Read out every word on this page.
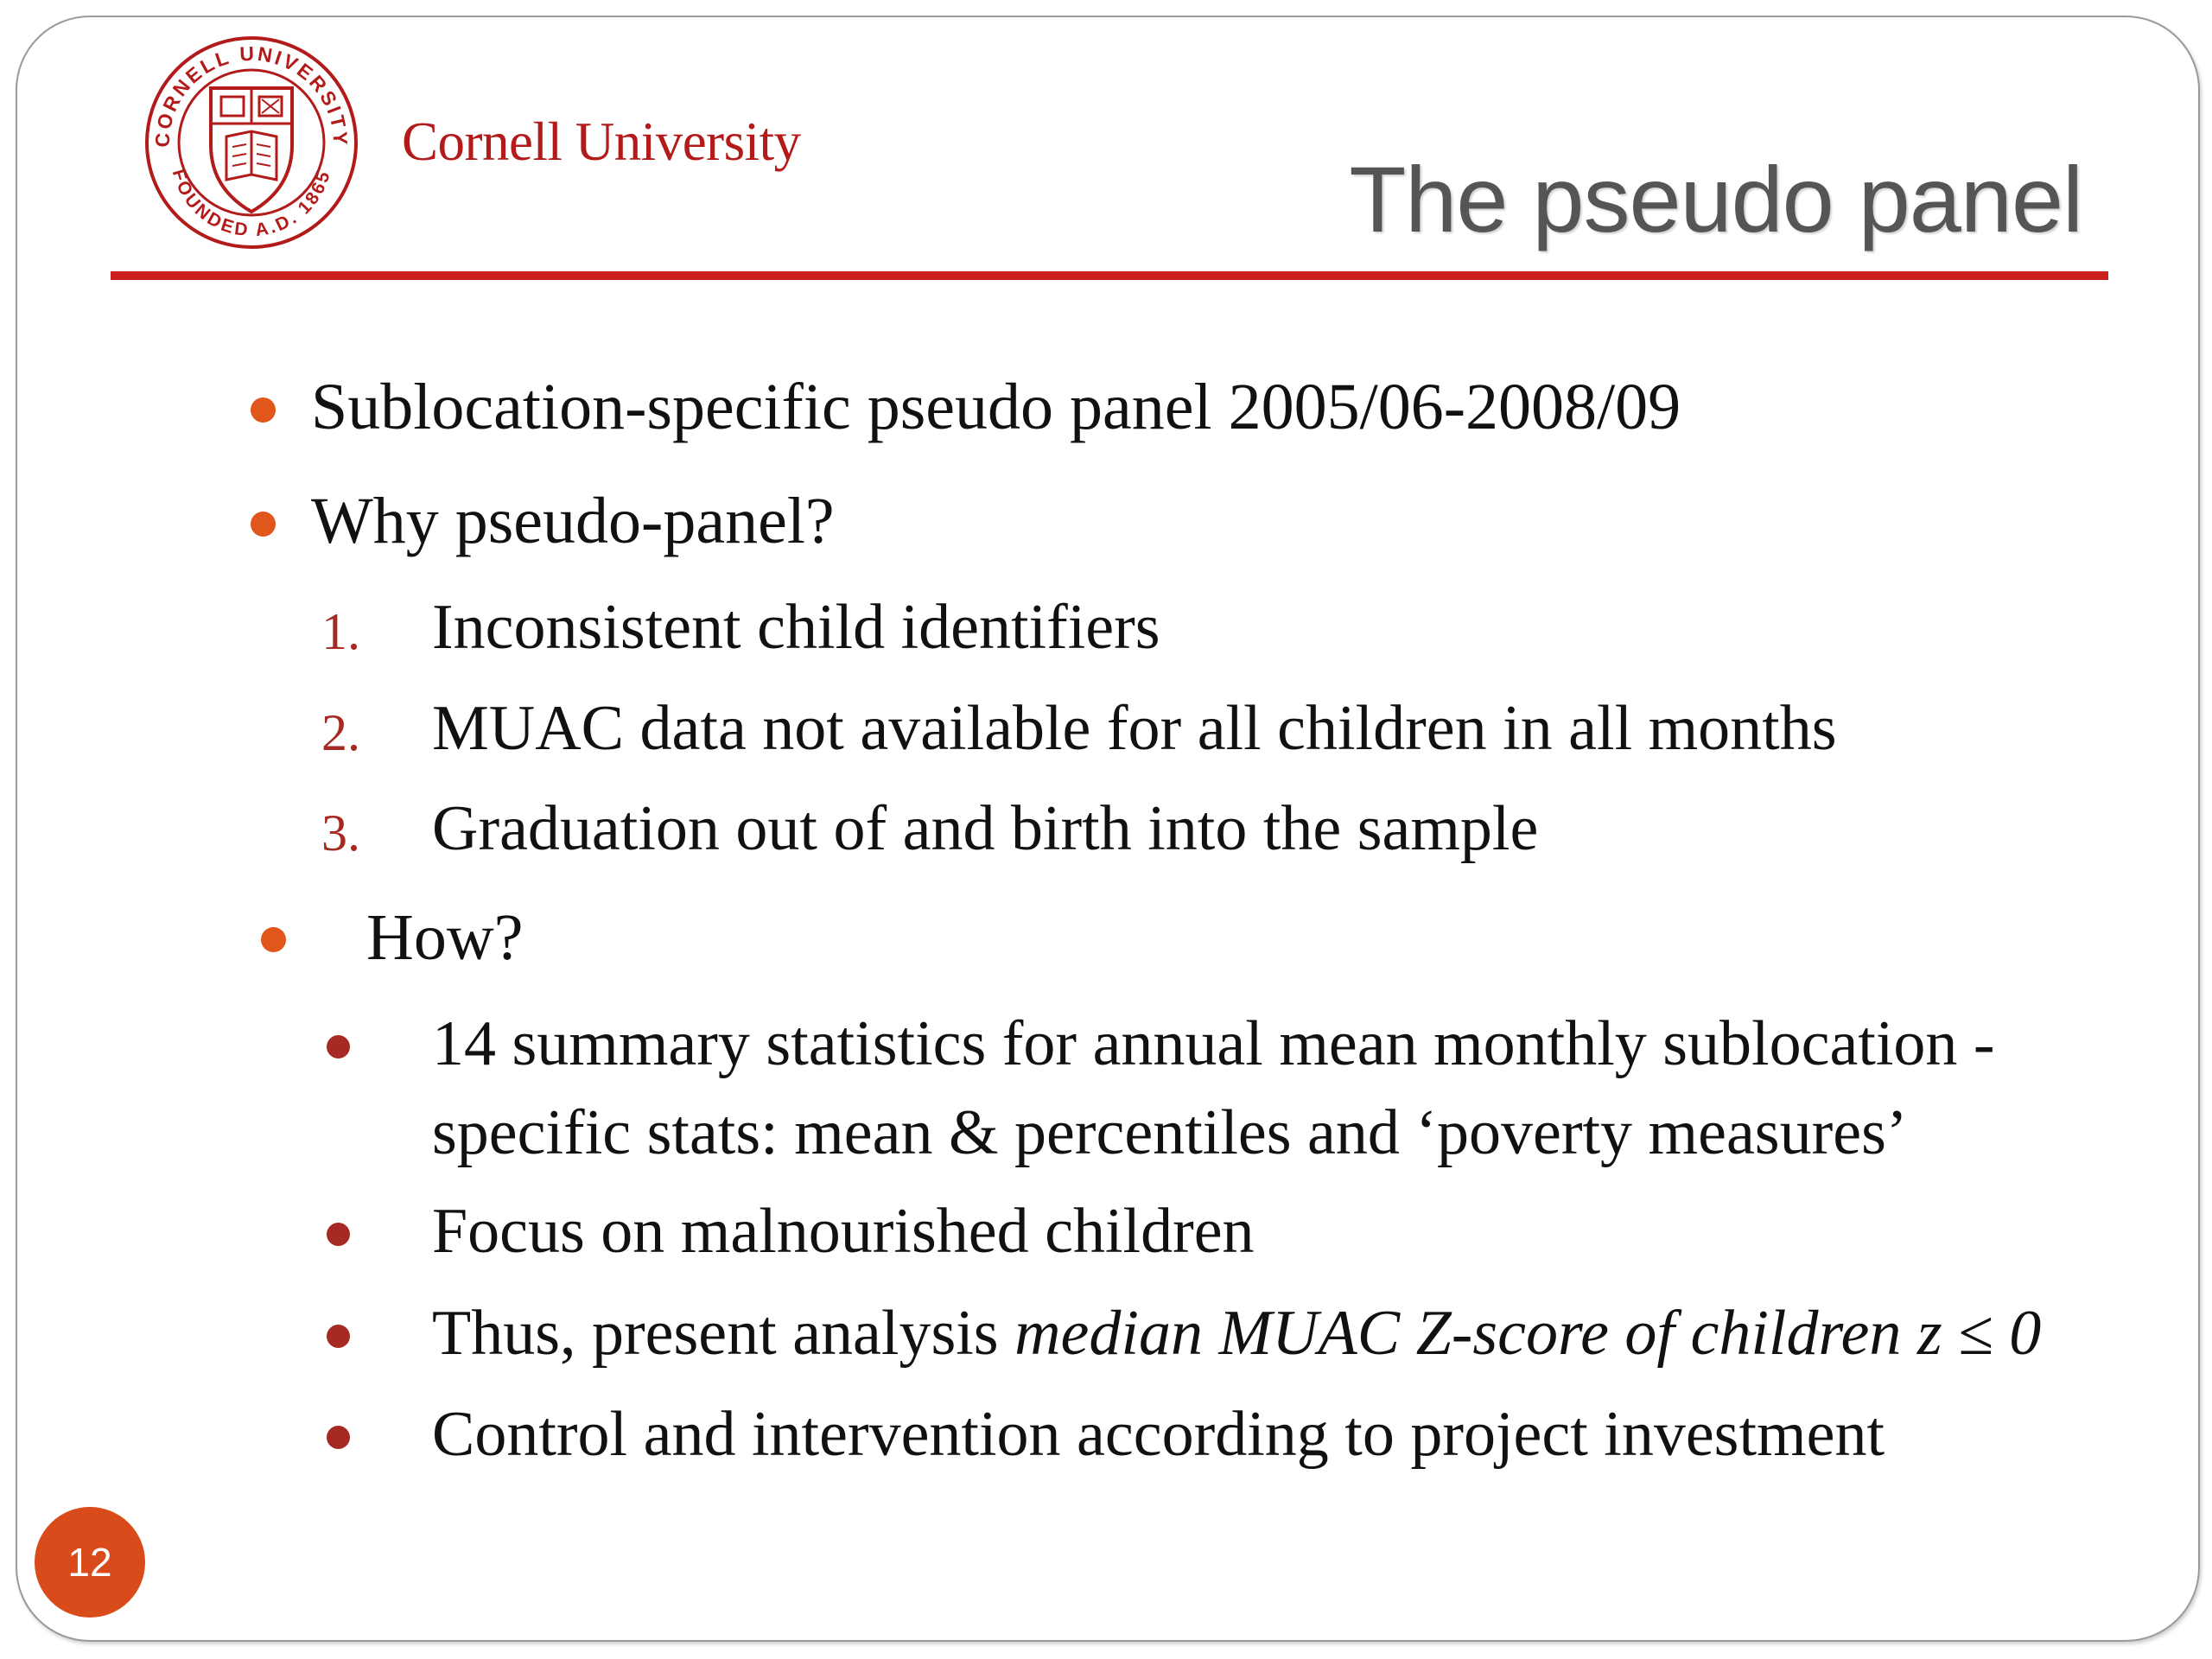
CORNELL UNIVERSITY
FOUNDED A.D. 1865
Cornell University
The pseudo panel
Sublocation-specific pseudo panel 2005/06-2008/09
Why pseudo-panel?
1. Inconsistent child identifiers
2. MUAC data not available for all children in all months
3. Graduation out of and birth into the sample
How?
14 summary statistics for annual mean monthly sublocation -
specific stats: mean & percentiles and ‘poverty measures’
Focus on malnourished children
Thus, present analysis median MUAC Z-score of children z ≤ 0
Control and intervention according to project investment
12
